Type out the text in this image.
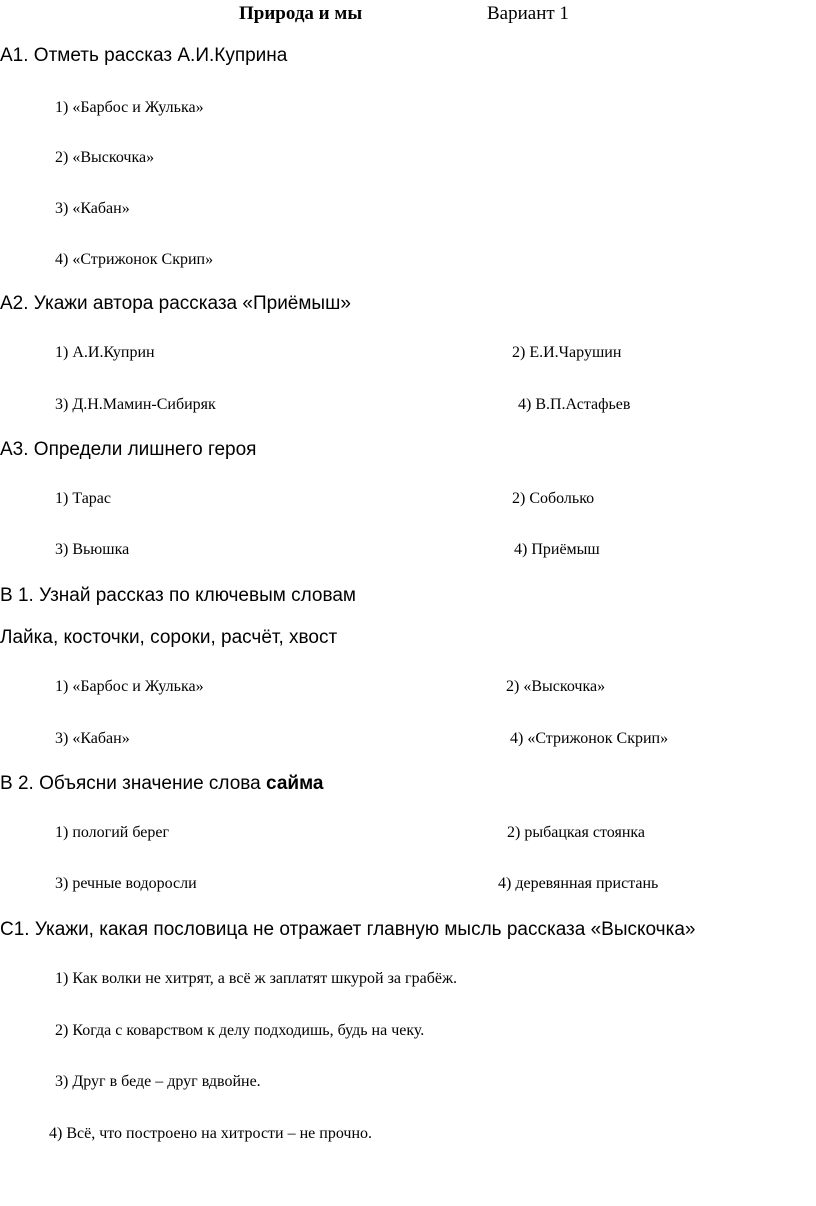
Природа и мы	Вариант 1
А1. Отметь рассказ А.И.Куприна
1) «Барбос и Жулька»
2) «Выскочка»
3) «Кабан»
4) «Стрижонок Скрип»
А2. Укажи автора рассказа «Приёмыш»
1) А.И.Куприн	2) Е.И.Чарушин
3) Д.Н.Мамин-Сибиряк	4) В.П.Астафьев
А3. Определи лишнего героя
1) Тарас	2) Соболько
3) Вьюшка	4) Приёмыш
В 1. Узнай рассказ по ключевым словам
Лайка, косточки, сороки, расчёт, хвост
1) «Барбос и Жулька»	2) «Выскочка»
3) «Кабан»	4) «Стрижонок Скрип»
В 2. Объясни значение слова сайма
1) пологий берег	2) рыбацкая стоянка
3) речные водоросли	4) деревянная пристань
С1. Укажи, какая пословица не отражает главную мысль рассказа «Выскочка»
1) Как волки не хитрят, а всё ж заплатят шкурой за грабёж.
2) Когда с коварством к делу подходишь, будь на чеку.
3) Друг в беде – друг вдвойне.
4) Всё, что построено на хитрости – не прочно.
